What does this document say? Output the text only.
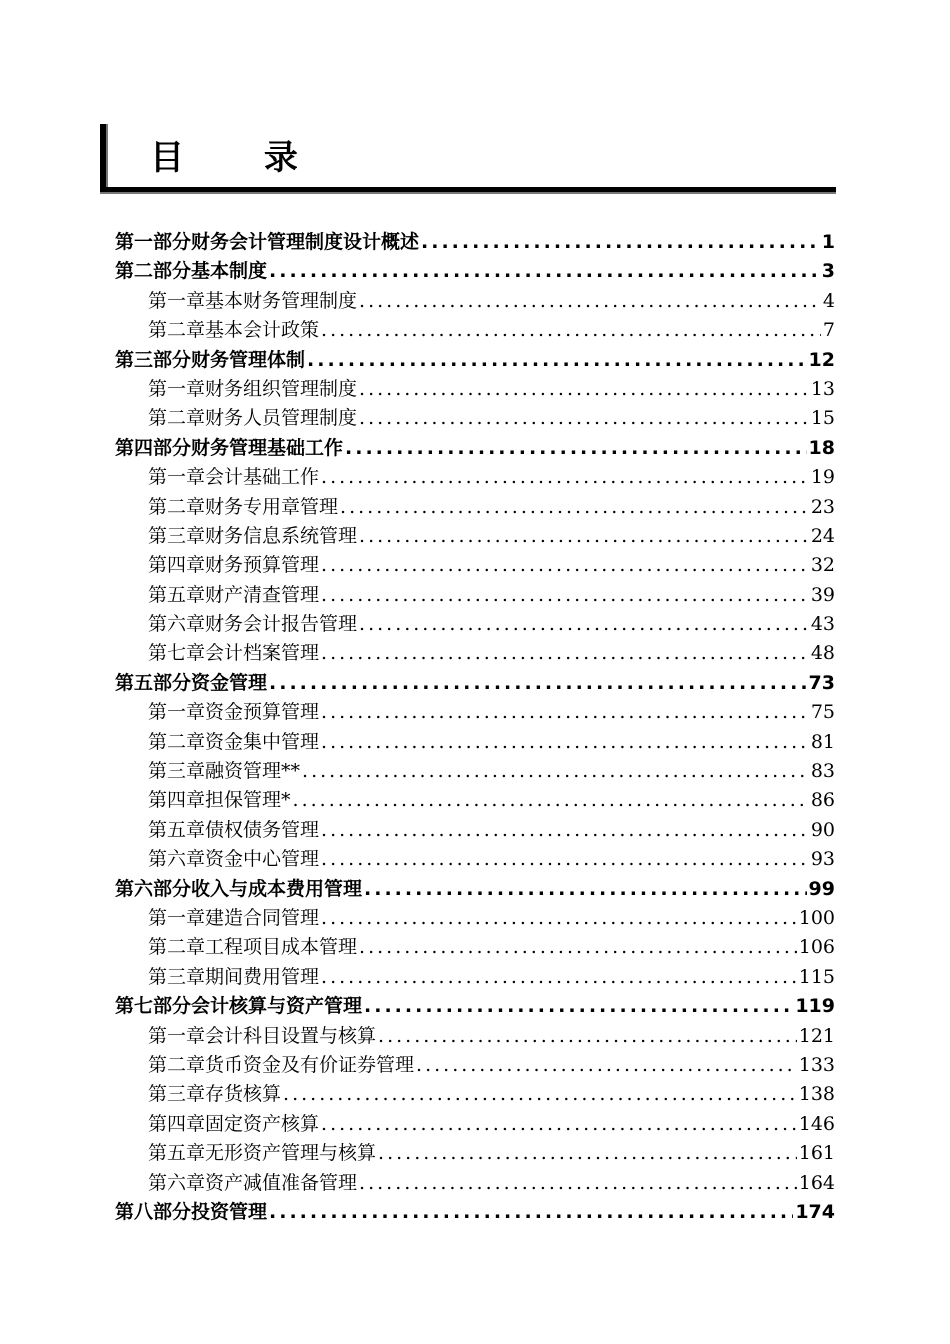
目 录
第一部分 财务会计管理制度设计概述 .....	1
第二部分 基本制度 .....	3
第一章 基本财务管理制度 .....	4
第二章 基本会计政策 .....	7
第三部分 财务管理体制 .....	12
第一章 财务组织管理制度 .....	13
第二章 财务人员管理制度 .....	15
第四部分 财务管理基础工作 .....	18
第一章 会计基础工作 .....	19
第二章 财务专用章管理 .....	23
第三章 财务信息系统管理 .....	24
第四章 财务预算管理 .....	32
第五章 财产清查管理 .....	39
第六章 财务会计报告管理 .....	43
第七章 会计档案管理 .....	48
第五部分 资金管理 .....	73
第一章 资金预算管理 .....	75
第二章 资金集中管理 .....	81
第三章 融资管理** .....	83
第四章 担保管理* .....	86
第五章 债权债务管理 .....	90
第六章 资金中心管理 .....	93
第六部分 收入与成本费用管理 .....	99
第一章 建造合同管理 .....	100
第二章 工程项目成本管理 .....	106
第三章 期间费用管理 .....	115
第七部分 会计核算与资产管理 .....	119
第一章 会计科目设置与核算 .....	121
第二章 货币资金及有价证券管理 .....	133
第三章 存货核算 .....	138
第四章 固定资产核算 .....	146
第五章 无形资产管理与核算 .....	161
第六章 资产减值准备管理 .....	164
第八部分 投资管理 .....	174
